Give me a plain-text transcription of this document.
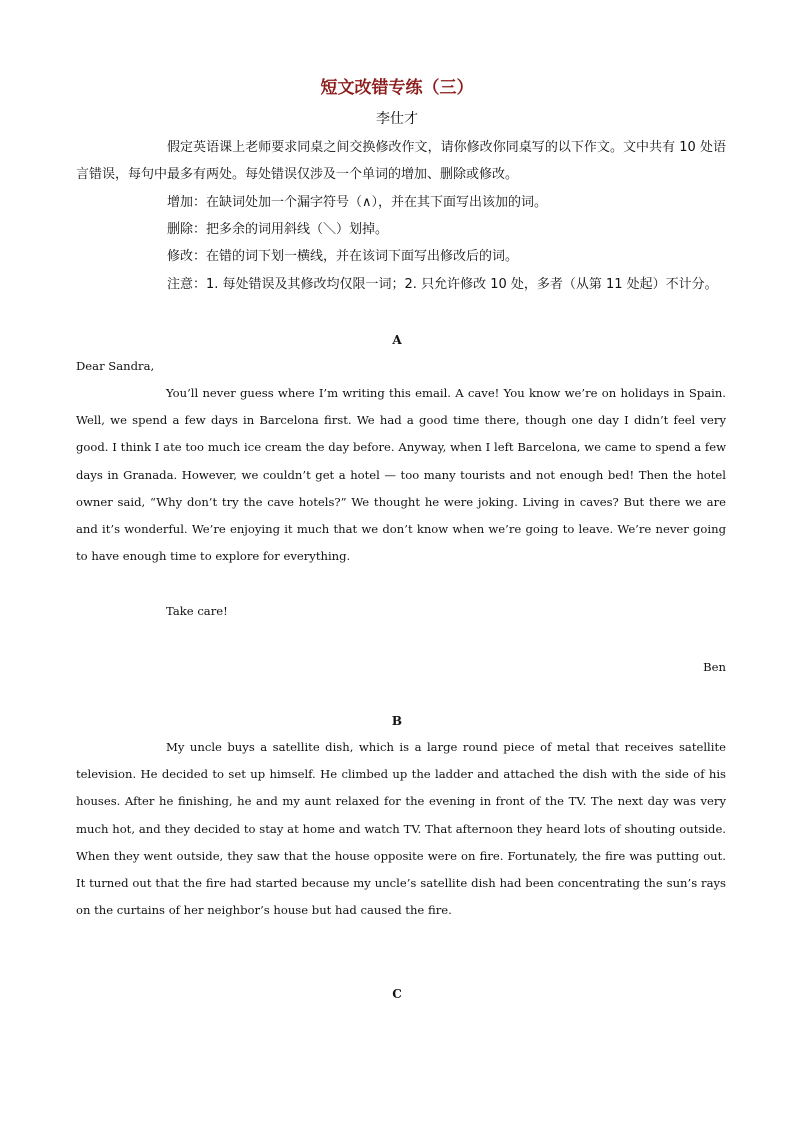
短文改错专练（三）
李仕才

假定英语课上老师要求同桌之间交换修改作文，请你修改你同桌写的以下作文。文中共有 10 处语言错误，每句中最多有两处。每处错误仅涉及一个单词的增加、删除或修改。

增加：在缺词处加一个漏字符号（∧），并在其下面写出该加的词。

删除：把多余的词用斜线（＼）划掉。

修改：在错的词下划一横线，并在该词下面写出修改后的词。

注意：1. 每处错误及其修改均仅限一词；2. 只允许修改 10 处，多者（从第 11 处起）不计分。

A

Dear Sandra,

You’ll never guess where I’m writing this email. A cave! You know we’re on holidays in Spain. Well, we spend a few days in Barcelona first. We had a good time there, though one day I didn’t feel very good. I think I ate too much ice cream the day before. Anyway, when I left Barcelona, we came to spend a few days in Granada. However, we couldn’t get a hotel — too many tourists and not enough bed! Then the hotel owner said, “Why don’t try the cave hotels?” We thought he were joking. Living in caves? But there we are and it’s wonderful. We’re enjoying it much that we don’t know when we’re going to leave. We’re never going to have enough time to explore for everything.

Take care!

Ben
B

My uncle buys a satellite dish, which is a large round piece of metal that receives satellite television. He decided to set up himself. He climbed up the ladder and attached the dish with the side of his houses. After he finishing, he and my aunt relaxed for the evening in front of the TV. The next day was very much hot, and they decided to stay at home and watch TV. That afternoon they heard lots of shouting outside. When they went outside, they saw that the house opposite were on fire. Fortunately, the fire was putting out. It turned out that the fire had started because my uncle’s satellite dish had been concentrating the sun’s rays on the curtains of her neighbor’s house but had caused the fire.

C
